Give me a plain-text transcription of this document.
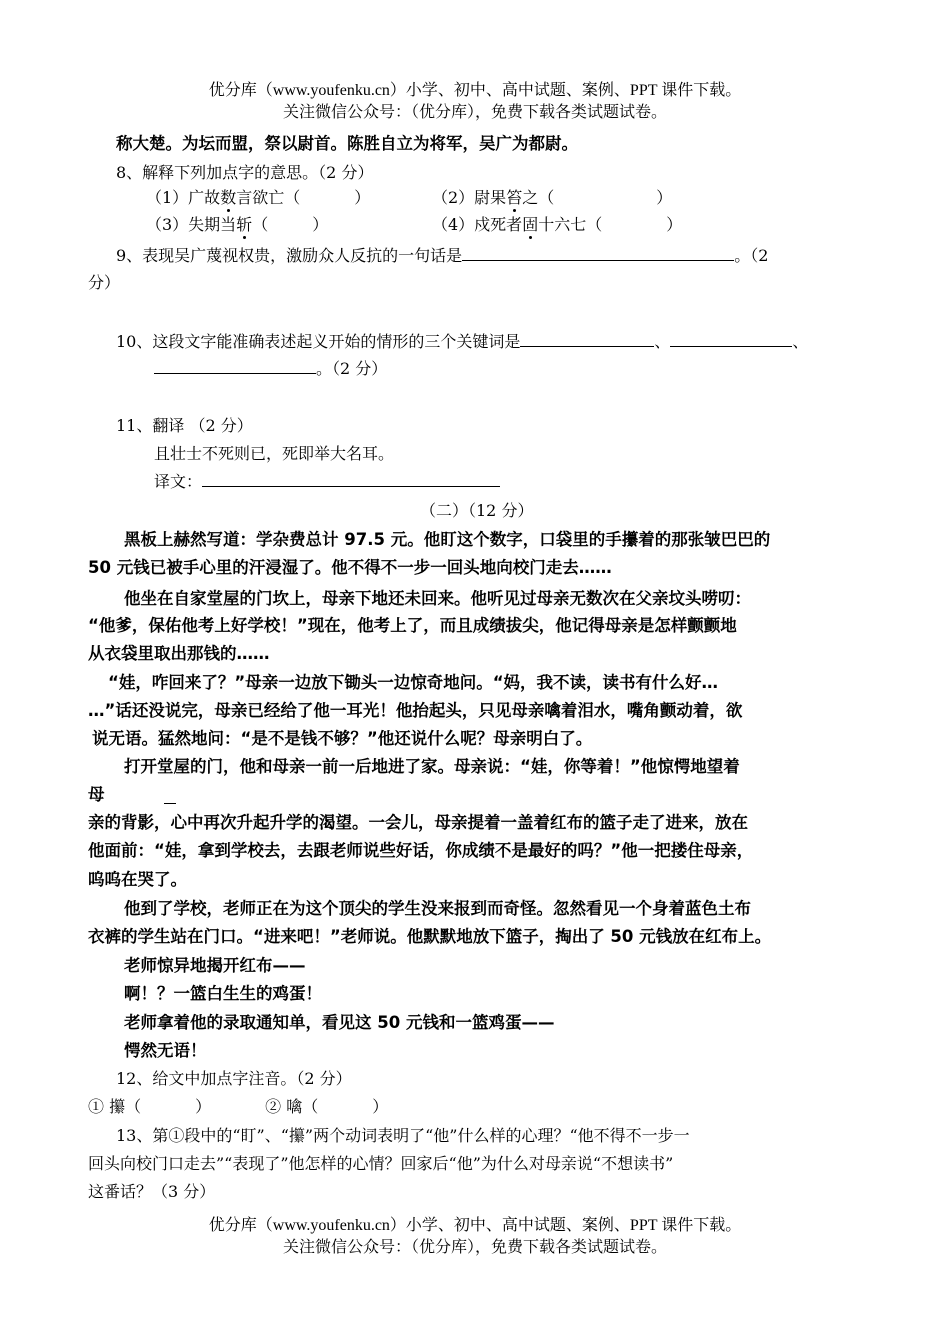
优分库（www.youfenku.cn）小学、初中、高中试题、案例、PPT 课件下载。
关注微信公众号：（优分库），免费下载各类试题试卷。
称大楚。为坛而盟，祭以尉首。陈胜自立为将军，吴广为都尉。
8、解释下列加点字的意思。（2 分）
（1）广故数言欲亡（	）	（2）尉果笞之（	）
（3）失期当斩（	）	（4）戍死者固十六七（	）
9、表现吴广蔑视权贵，激励众人反抗的一句话是	。（2
分）
10、这段文字能准确表述起义开始的情形的三个关键词是	、	、
。（2 分）
11、翻译 （2 分）
且壮士不死则已，死即举大名耳。
译文：
（二）（12 分）
黑板上赫然写道：学杂费总计 97.5 元。他盯这个数字，口袋里的手攥着的那张皱巴巴的
50 元钱已被手心里的汗浸湿了。他不得不一步一回头地向校门走去……
他坐在自家堂屋的门坎上，母亲下地还未回来。他听见过母亲无数次在父亲坟头唠叨：
“他爹，保佑他考上好学校！”现在，他考上了，而且成绩拔尖，他记得母亲是怎样颤颤地
从衣袋里取出那钱的……
“娃，咋回来了？”母亲一边放下锄头一边惊奇地问。“妈，我不读，读书有什么好…
…”话还没说完，母亲已经给了他一耳光！他抬起头，只见母亲噙着泪水，嘴角颤动着，欲
说无语。猛然地问：“是不是钱不够？”他还说什么呢？母亲明白了。
打开堂屋的门，他和母亲一前一后地进了家。母亲说：“娃，你等着！”他惊愕地望着
母
亲的背影，心中再次升起升学的渴望。一会儿，母亲提着一盖着红布的篮子走了进来，放在
他面前：“娃，拿到学校去，去跟老师说些好话，你成绩不是最好的吗？”他一把搂住母亲，
呜呜在哭了。
他到了学校，老师正在为这个顶尖的学生没来报到而奇怪。忽然看见一个身着蓝色土布
衣裤的学生站在门口。“进来吧！”老师说。他默默地放下篮子，掏出了 50 元钱放在红布上。
老师惊异地揭开红布——
啊！？一篮白生生的鸡蛋！
老师拿着他的录取通知单，看见这 50 元钱和一篮鸡蛋——
愕然无语！
12、给文中加点字注音。（2 分）
① 攥（	）	② 噙（	）
13、第①段中的“盯”、“攥”两个动词表明了“他”什么样的心理？“他不得不一步一
回头向校门口走去”“表现了”他怎样的心情？回家后“他”为什么对母亲说“不想读书”
这番话？（3 分）
优分库（www.youfenku.cn）小学、初中、高中试题、案例、PPT 课件下载。
关注微信公众号：（优分库），免费下载各类试题试卷。
